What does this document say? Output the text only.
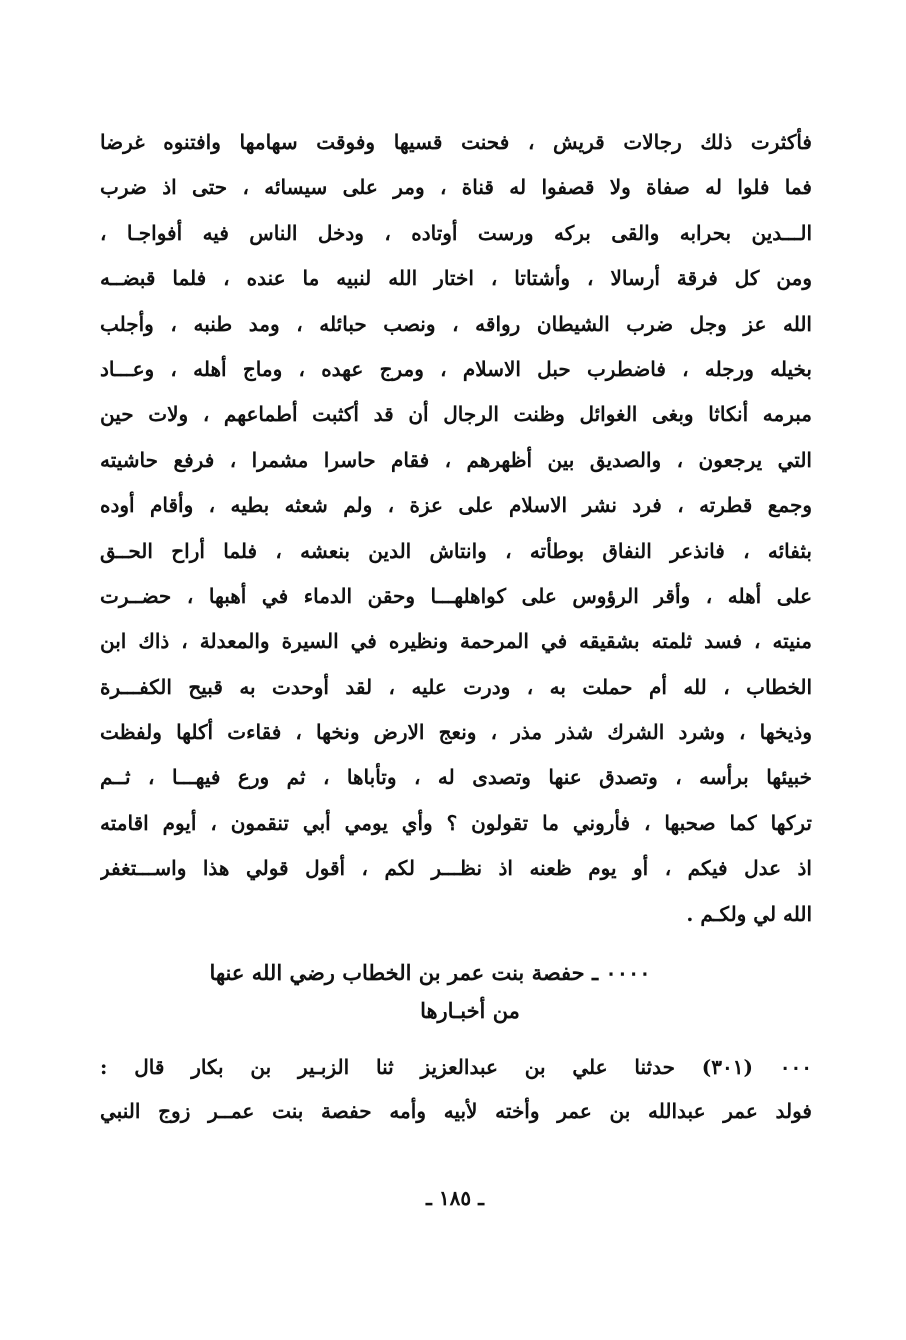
فأكثرت ذلك رجالات قريش ، فحنت قسيها وفوقت سهامها وافتنوه غرضا
فما فلوا له صفاة ولا قصفوا له قناة ، ومر على سيسائه ، حتى اذ ضرب
الـــدين بحرابه والقى بركه ورست أوتاده ، ودخل الناس فيه أفواجـا ،
ومن كل فرقة أرسالا ، وأشتاتا ، اختار الله لنبيه ما عنده ، فلما قبضــه
الله عز وجل ضرب الشيطان رواقه ، ونصب حبائله ، ومد طنبه ، وأجلب
بخيله ورجله ، فاضطرب حبل الاسلام ، ومرج عهده ، وماج أهله ، وعـــاد
مبرمه أنكاثا وبغى الغوائل وظنت الرجال أن قد أكثبت أطماعهم ، ولات حين
التي يرجعون ، والصديق بين أظهرهم ، فقام حاسرا مشمرا ، فرفع حاشيته
وجمع قطرته ، فرد نشر الاسلام على عزة ، ولم شعثه بطيه ، وأقام أوده
بثفائه ، فانذعر النفاق بوطأته ، وانتاش الدين بنعشه ، فلما أراح الحــق
على أهله ، وأقر الرؤوس على كواهلهـــا وحقن الدماء في أهبها ، حضــرت
منيته ، فسد ثلمته بشقيقه في المرحمة ونظيره في السيرة والمعدلة ، ذاك ابن
الخطاب ، لله أم حملت به ، ودرت عليه ، لقد أوحدت به قبيح الكفـــرة
وذيخها ، وشرد الشرك شذر مذر ، ونعج الارض ونخها ، فقاءت أكلها ولفظت
خبيئها برأسه ، وتصدق عنها وتصدى له ، وتأباها ، ثم ورع فيهـــا ، ثــم
تركها كما صحبها ، فأروني ما تقولون ؟ وأي يومي أبي تنقمون ، أيوم اقامته
اذ عدل فيكم ، أو يوم ظعنه اذ نظـــر لكم ، أقول قولي هذا واســـتغفر
الله لي ولكـم .
۰۰۰۰ ـ حفصة بنت عمر بن الخطاب رضي الله عنها
من أخبـارها
۰۰۰ (۳۰۱) حدثنا علي بن عبدالعزيز ثنا الزبـير بن بكار قال :
فولد عمر عبدالله بن عمر وأخته لأبيه وأمه حفصة بنت عمــر زوج النبي
ـ ١٨٥ ـ
